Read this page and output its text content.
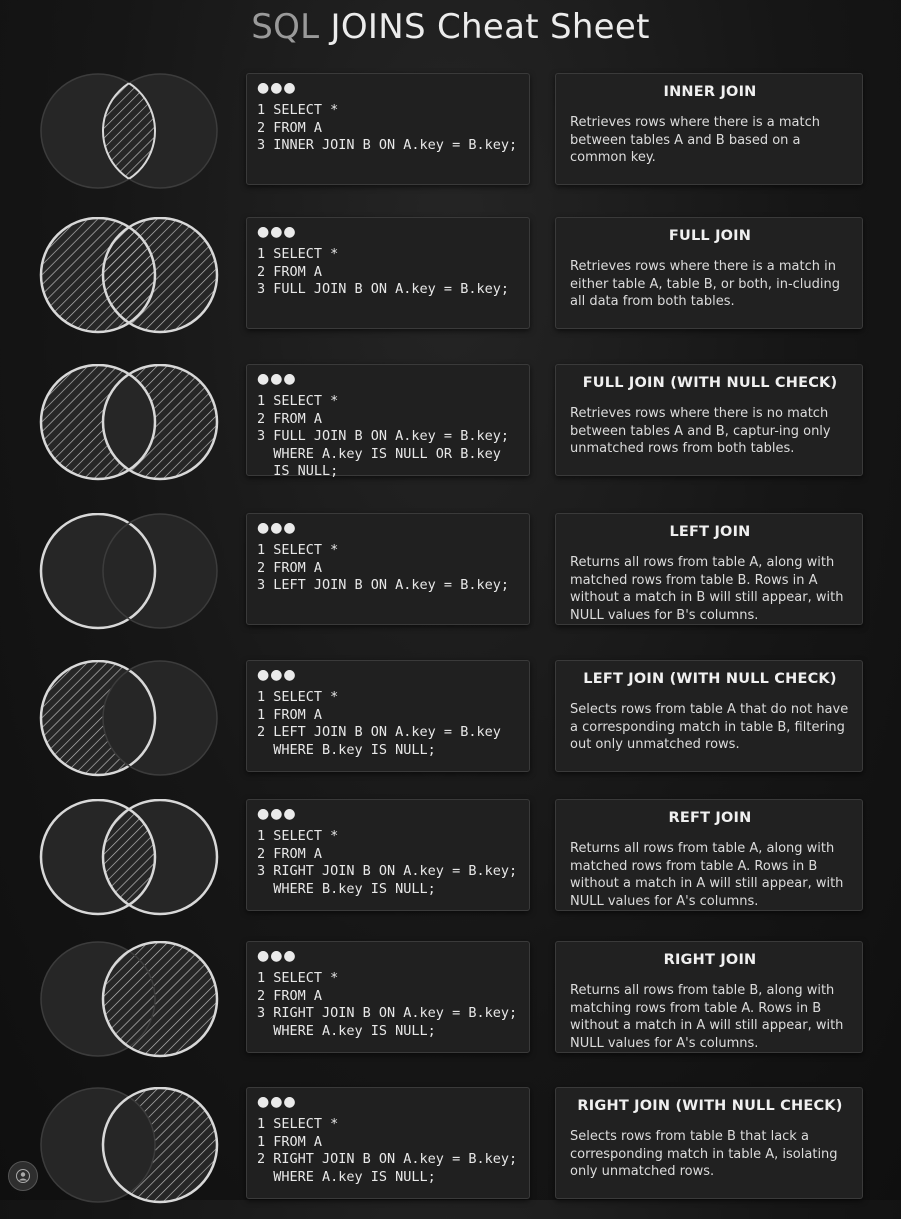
SQL JOINS Cheat Sheet
●●●
1 SELECT *
2 FROM A
3 INNER JOIN B ON A.key = B.key;
INNER JOIN
Retrieves rows where there is a match between tables A and B based on a common key.
●●●
1 SELECT *
2 FROM A
3 FULL JOIN B ON A.key = B.key;
FULL JOIN
Retrieves rows where there is a match in either table A, table B, or both, in-cluding all data from both tables.
●●●
1 SELECT *
2 FROM A
3 FULL JOIN B ON A.key = B.key;
WHERE A.key IS NULL OR B.key
IS NULL;
FULL JOIN (WITH NULL CHECK)
Retrieves rows where there is no match between tables A and B, captur-ing only unmatched rows from both tables.
●●●
1 SELECT *
2 FROM A
3 LEFT JOIN B ON A.key = B.key;
LEFT JOIN
Returns all rows from table A, along with matched rows from table B. Rows in A without a match in B will still appear, with NULL values for B's columns.
●●●
1 SELECT *
1 FROM A
2 LEFT JOIN B ON A.key = B.key
WHERE B.key IS NULL;
LEFT JOIN (WITH NULL CHECK)
Selects rows from table A that do not have a corresponding match in table B, filtering out only unmatched rows.
●●●
1 SELECT *
2 FROM A
3 RIGHT JOIN B ON A.key = B.key;
WHERE B.key IS NULL;
REFT JOIN
Returns all rows from table A, along with matched rows from table A. Rows in B without a match in A will still appear, with NULL values for A's columns.
●●●
1 SELECT *
2 FROM A
3 RIGHT JOIN B ON A.key = B.key;
WHERE A.key IS NULL;
RIGHT JOIN
Returns all rows from table B, along with matching rows from table A. Rows in B without a match in A will still appear, with NULL values for A's columns.
●●●
1 SELECT *
1 FROM A
2 RIGHT JOIN B ON A.key = B.key;
WHERE A.key IS NULL;
RIGHT JOIN (WITH NULL CHECK)
Selects rows from table B that lack a corresponding match in table A, isolating only unmatched rows.
